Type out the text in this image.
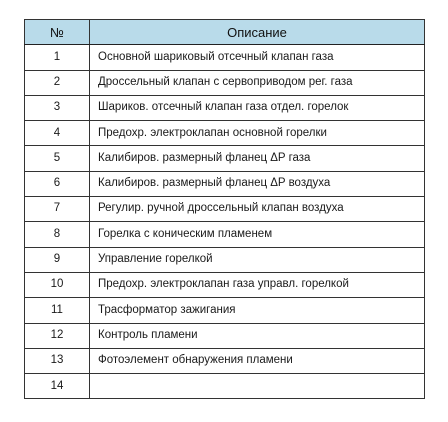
№	Описание
1	Основной шариковый отсечный клапан газа
2	Дроссельный клапан с сервоприводом рег. газа
3	Шариков. отсечный клапан газа отдел. горелок
4	Предохр. электроклапан основной горелки
5	Калибиров. размерный фланец ΔP газа
6	Калибиров. размерный фланец ΔP воздуха
7	Регулир. ручной дроссельный клапан воздуха
8	Горелка с коническим пламенем
9	Управление горелкой
10	Предохр. электроклапан газа управл. горелкой
11	Трасформатор зажигания
12	Контроль пламени
13	Фотоэлемент обнаружения пламени
14	
